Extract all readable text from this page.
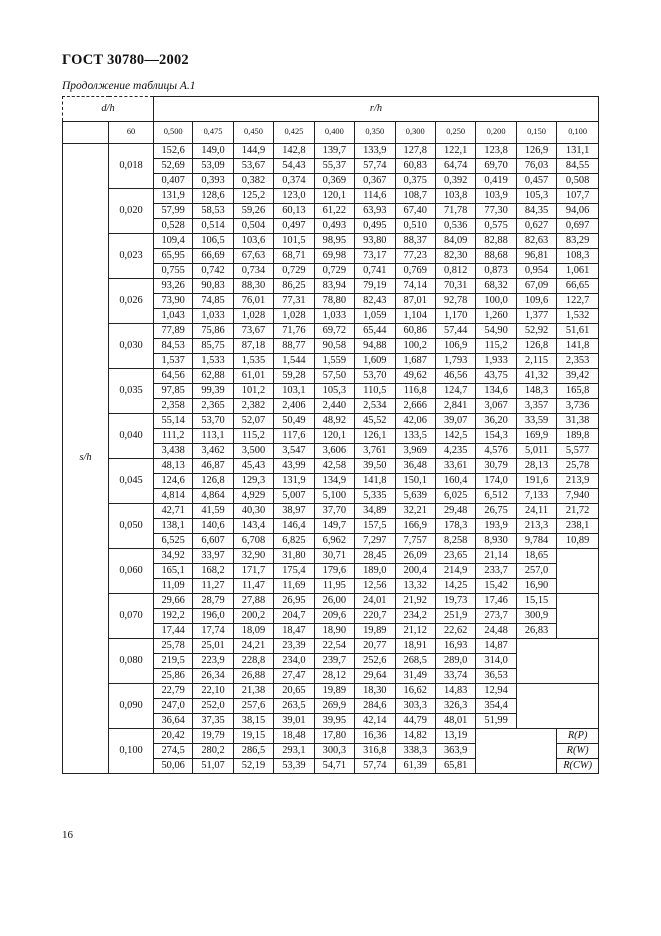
ГОСТ 30780—2002
Продолжение таблицы А.1
d/h		r/h										
	60	0,500	0,475	0,450	0,425	0,400	0,350	0,300	0,250	0,200	0,150	0,100
s/h	0,018	152,6	149,0	144,9	142,8	139,7	133,9	127,8	122,1	123,8	126,9	131,1
		52,69	53,09	53,67	54,43	55,37	57,74	60,83	64,74	69,70	76,03	84,55
		0,407	0,393	0,382	0,374	0,369	0,367	0,375	0,392	0,419	0,457	0,508
	0,020	131,9	128,6	125,2	123,0	120,1	114,6	108,7	103,8	103,9	105,3	107,7
		57,99	58,53	59,26	60,13	61,22	63,93	67,40	71,78	77,30	84,35	94,06
		0,528	0,514	0,504	0,497	0,493	0,495	0,510	0,536	0,575	0,627	0,697
	0,023	109,4	106,5	103,6	101,5	98,95	93,80	88,37	84,09	82,88	82,63	83,29
		65,95	66,69	67,63	68,71	69,98	73,17	77,23	82,30	88,68	96,81	108,3
		0,755	0,742	0,734	0,729	0,729	0,741	0,769	0,812	0,873	0,954	1,061
	0,026	93,26	90,83	88,30	86,25	83,94	79,19	74,14	70,31	68,32	67,09	66,65
		73,90	74,85	76,01	77,31	78,80	82,43	87,01	92,78	100,0	109,6	122,7
		1,043	1,033	1,028	1,028	1,033	1,059	1,104	1,170	1,260	1,377	1,532
	0,030	77,89	75,86	73,67	71,76	69,72	65,44	60,86	57,44	54,90	52,92	51,61
		84,53	85,75	87,18	88,77	90,58	94,88	100,2	106,9	115,2	126,8	141,8
		1,537	1,533	1,535	1,544	1,559	1,609	1,687	1,793	1,933	2,115	2,353
	0,035	64,56	62,88	61,01	59,28	57,50	53,70	49,62	46,56	43,75	41,32	39,42
		97,85	99,39	101,2	103,1	105,3	110,5	116,8	124,7	134,6	148,3	165,8
		2,358	2,365	2,382	2,406	2,440	2,534	2,666	2,841	3,067	3,357	3,736
	0,040	55,14	53,70	52,07	50,49	48,92	45,52	42,06	39,07	36,20	33,59	31,38
		111,2	113,1	115,2	117,6	120,1	126,1	133,5	142,5	154,3	169,9	189,8
		3,438	3,462	3,500	3,547	3,606	3,761	3,969	4,235	4,576	5,011	5,577
	0,045	48,13	46,87	45,43	43,99	42,58	39,50	36,48	33,61	30,79	28,13	25,78
		124,6	126,8	129,3	131,9	134,9	141,8	150,1	160,4	174,0	191,6	213,9
		4,814	4,864	4,929	5,007	5,100	5,335	5,639	6,025	6,512	7,133	7,940
	0,050	42,71	41,59	40,30	38,97	37,70	34,89	32,21	29,48	26,75	24,11	21,72
		138,1	140,6	143,4	146,4	149,7	157,5	166,9	178,3	193,9	213,3	238,1
		6,525	6,607	6,708	6,825	6,962	7,297	7,757	8,258	8,930	9,784	10,89
	0,060	34,92	33,97	32,90	31,80	30,71	28,45	26,09	23,65	21,14	18,65	
		165,1	168,2	171,7	175,4	179,6	189,0	200,4	214,9	233,7	257,0	
		11,09	11,27	11,47	11,69	11,95	12,56	13,32	14,25	15,42	16,90	
	0,070	29,66	28,79	27,88	26,95	26,00	24,01	21,92	19,73	17,46	15,15	
		192,2	196,0	200,2	204,7	209,6	220,7	234,2	251,9	273,7	300,9	
		17,44	17,74	18,09	18,47	18,90	19,89	21,12	22,62	24,48	26,83	
	0,080	25,78	25,01	24,21	23,39	22,54	20,77	18,91	16,93	14,87		
		219,5	223,9	228,8	234,0	239,7	252,6	268,5	289,0	314,0		
		25,86	26,34	26,88	27,47	28,12	29,64	31,49	33,74	36,53		
	0,090	22,79	22,10	21,38	20,65	19,89	18,30	16,62	14,83	12,94		
		247,0	252,0	257,6	263,5	269,9	284,6	303,3	326,3	354,4		
		36,64	37,35	38,15	39,01	39,95	42,14	44,79	48,01	51,99		
	0,100	20,42	19,79	19,15	18,48	17,80	16,36	14,82	13,19			R(P)
		274,5	280,2	286,5	293,1	300,3	316,8	338,3	363,9			R(W)
		50,06	51,07	52,19	53,39	54,71	57,74	61,39	65,81			R(CW)
16
